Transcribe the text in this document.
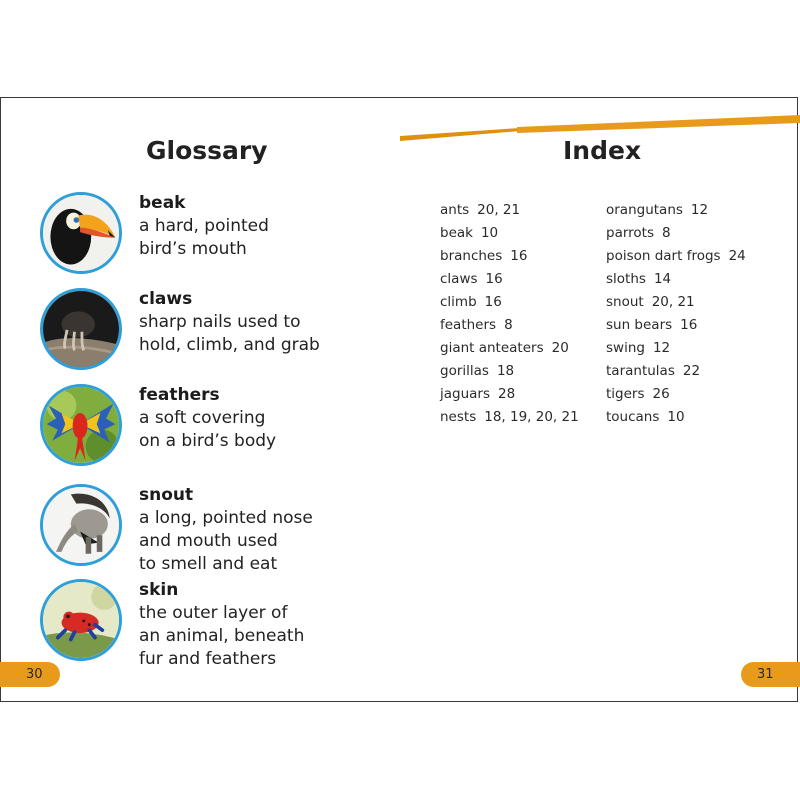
Glossary	Index
beak
a hard, pointed
bird’s mouth
claws
sharp nails used to
hold, climb, and grab
feathers
a soft covering
on a bird’s body
snout
a long, pointed nose
and mouth used
to smell and eat
skin
the outer layer of
an animal, beneath
fur and feathers
ants 20, 21
beak 10
branches 16
claws 16
climb 16
feathers 8
giant anteaters 20
gorillas 18
jaguars 28
nests 18, 19, 20, 21
orangutans 12
parrots 8
poison dart frogs 24
sloths 14
snout 20, 21
sun bears 16
swing 12
tarantulas 22
tigers 26
toucans 10
30	31
